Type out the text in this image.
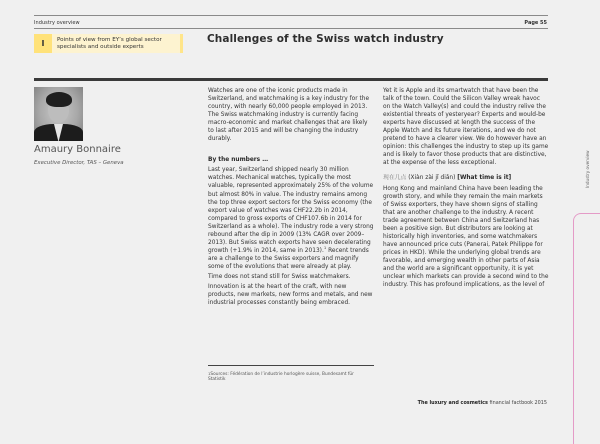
Industry overview	Page 55
I	Points of view from EY’s global sector specialists and outside experts
Challenges of the Swiss watch industry
Amaury Bonnaire
Executive Director, TAS – Geneva

Watches are one of the iconic products made in Switzerland, and watchmaking is a key industry for the country, with nearly 60,000 people employed in 2013. The Swiss watchmaking industry is currently facing macro-economic and market challenges that are likely to last after 2015 and will be changing the industry durably.

By the numbers …

Last year, Switzerland shipped nearly 30 million watches. Mechanical watches, typically the most valuable, represented approximately 25% of the volume but almost 80% in value. The industry remains among the top three export sectors for the Swiss economy (the export value of watches was CHF22.2b in 2014, compared to gross exports of CHF107.6b in 2014 for Switzerland as a whole). The industry rode a very strong rebound after the dip in 2009 (13% CAGR over 2009–2013). But Swiss watch exports have seen decelerating growth (+1.9% in 2014, same in 2013).$^1$ Recent trends are a challenge to the Swiss exporters and magnify some of the evolutions that were already at play.

Time does not stand still for Swiss watchmakers.

Innovation is at the heart of the craft, with new products, new markets, new forms and metals, and new industrial processes constantly being embraced.

Yet it is Apple and its smartwatch that have been the talk of the town. Could the Silicon Valley wreak havoc on the Watch Valley(s) and could the industry relive the existential threats of yesteryear? Experts and would-be experts have discussed at length the success of the Apple Watch and its future iterations, and we do not pretend to have a clearer view. We do however have an opinion: this challenges the industry to step up its game and is likely to favor those products that are distinctive, at the expense of the less exceptional.

现在几点 (Xiàn zài jǐ diǎn) [What time is it]

Hong Kong and mainland China have been leading the growth story, and while they remain the main markets of Swiss exporters, they have shown signs of stalling that are another challenge to the industry. A recent trade agreement between China and Switzerland has been a positive sign. But distributors are looking at historically high inventories, and some watchmakers have announced price cuts (Panerai, Patek Philippe for prices in HKD). While the underlying global trends are favorable, and emerging wealth in other parts of Asia and the world are a significant opportunity, it is yet unclear which markets can provide a second wind to the industry. This has profound implications, as the level of

$^1$Sources: Fédération de l’industrie horlogère suisse, Bundesamt für Statistik
The luxury and cosmetics financial factbook 2015
Industry overview
